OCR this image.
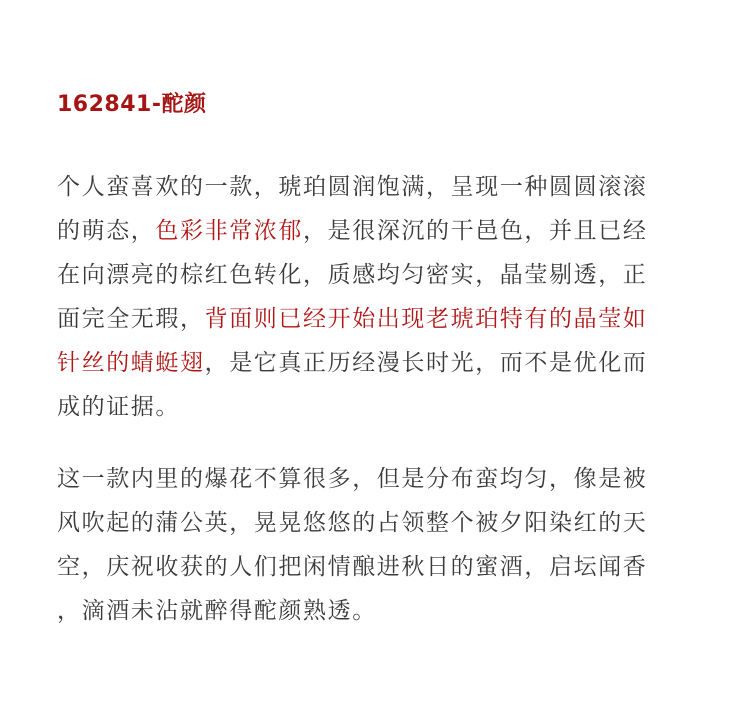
162841-酡颜
个人蛮喜欢的一款，琥珀圆润饱满，呈现一种圆圆滚滚
的萌态，色彩非常浓郁，是很深沉的干邑色，并且已经
在向漂亮的棕红色转化，质感均匀密实，晶莹剔透，正
面完全无瑕，背面则已经开始出现老琥珀特有的晶莹如
针丝的蜻蜓翅，是它真正历经漫长时光，而不是优化而
成的证据。
这一款内里的爆花不算很多，但是分布蛮均匀，像是被
风吹起的蒲公英，晃晃悠悠的占领整个被夕阳染红的天
空，庆祝收获的人们把闲情酿进秋日的蜜酒，启坛闻香
，滴酒未沾就醉得酡颜熟透。
